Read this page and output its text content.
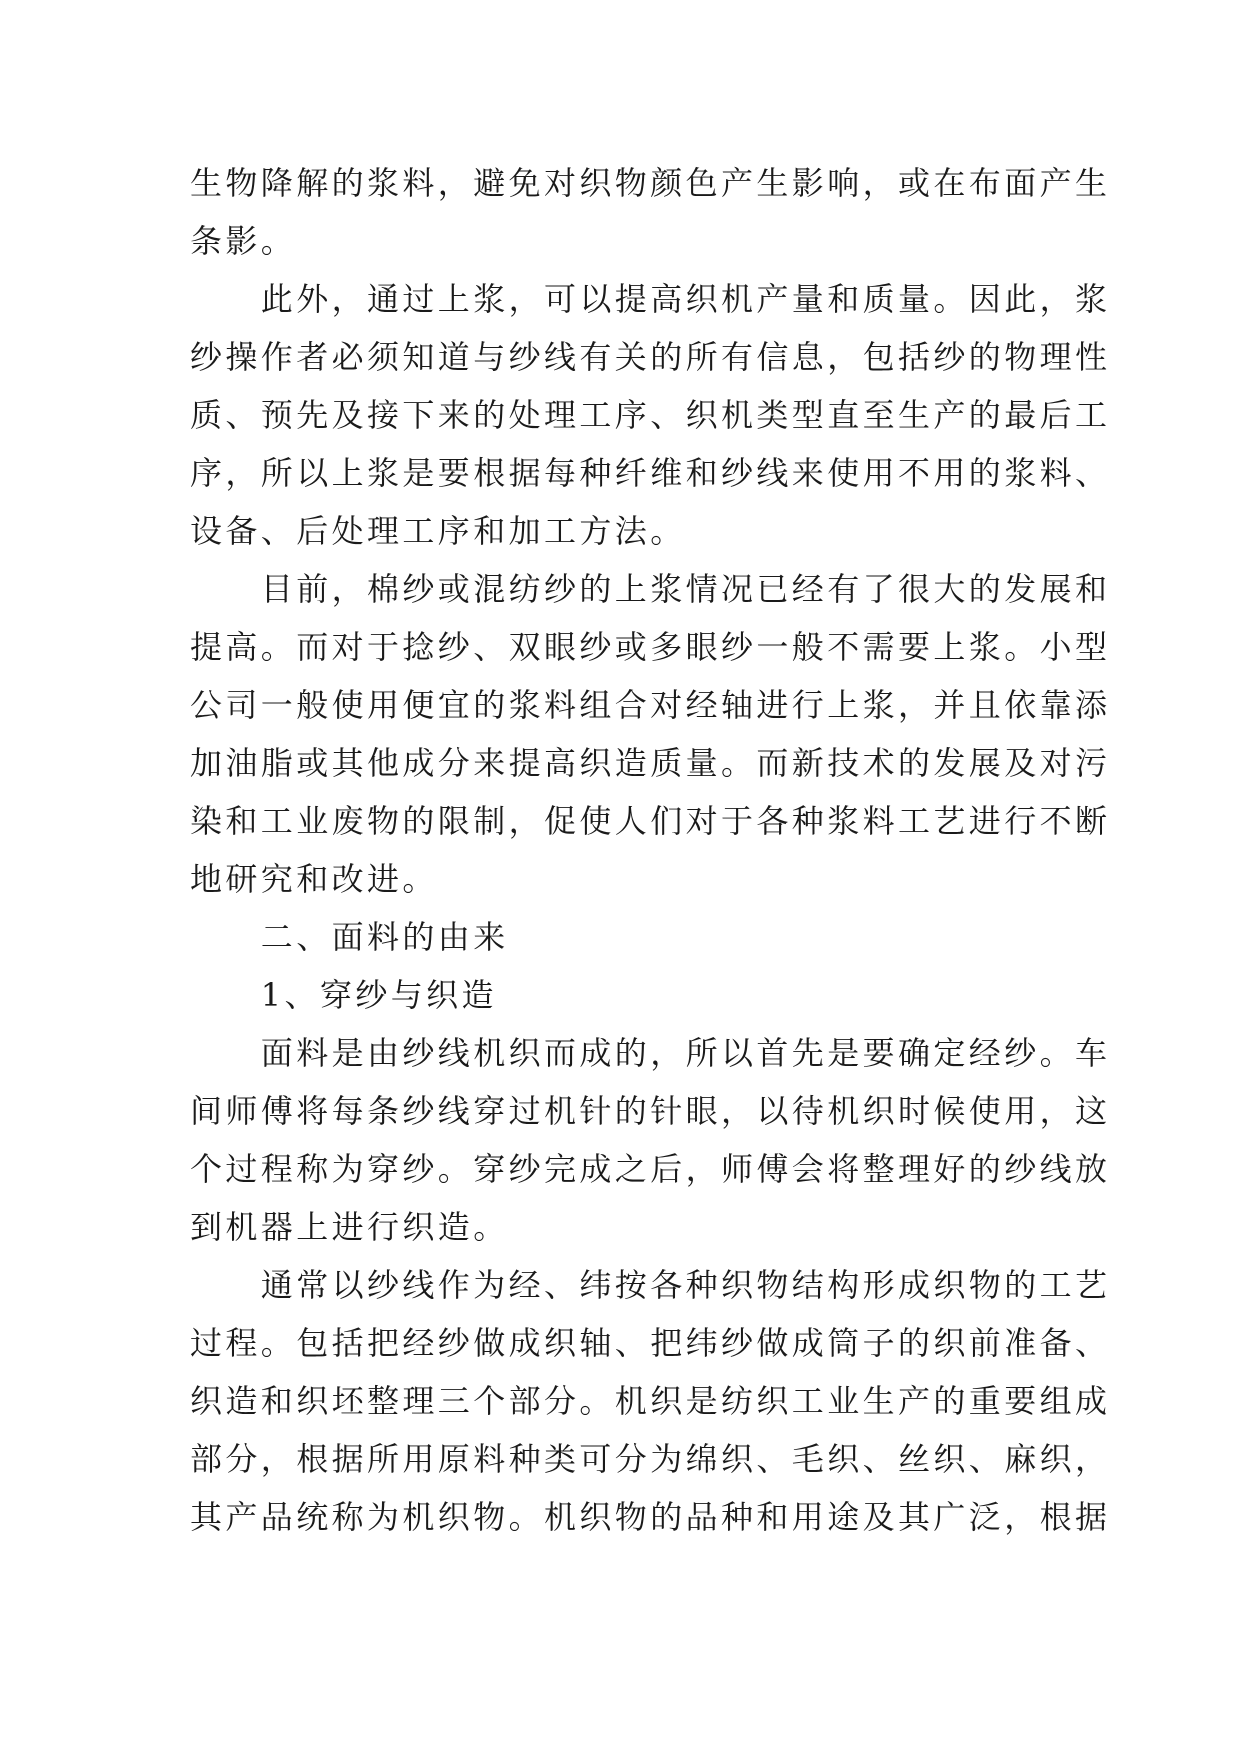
生物降解的浆料，避免对织物颜色产生影响，或在布面产生
条影。
　　此外，通过上浆，可以提高织机产量和质量。因此，浆
纱操作者必须知道与纱线有关的所有信息，包括纱的物理性
质、预先及接下来的处理工序、织机类型直至生产的最后工
序，所以上浆是要根据每种纤维和纱线来使用不用的浆料、
设备、后处理工序和加工方法。
　　目前，棉纱或混纺纱的上浆情况已经有了很大的发展和
提高。而对于捻纱、双眼纱或多眼纱一般不需要上浆。小型
公司一般使用便宜的浆料组合对经轴进行上浆，并且依靠添
加油脂或其他成分来提高织造质量。而新技术的发展及对污
染和工业废物的限制，促使人们对于各种浆料工艺进行不断
地研究和改进。
　　二、面料的由来
　　1、穿纱与织造
　　面料是由纱线机织而成的，所以首先是要确定经纱。车
间师傅将每条纱线穿过机针的针眼，以待机织时候使用，这
个过程称为穿纱。穿纱完成之后，师傅会将整理好的纱线放
到机器上进行织造。
　　通常以纱线作为经、纬按各种织物结构形成织物的工艺
过程。包括把经纱做成织轴、把纬纱做成筒子的织前准备、
织造和织坯整理三个部分。机织是纺织工业生产的重要组成
部分，根据所用原料种类可分为绵织、毛织、丝织、麻织，
其产品统称为机织物。机织物的品种和用途及其广泛，根据
